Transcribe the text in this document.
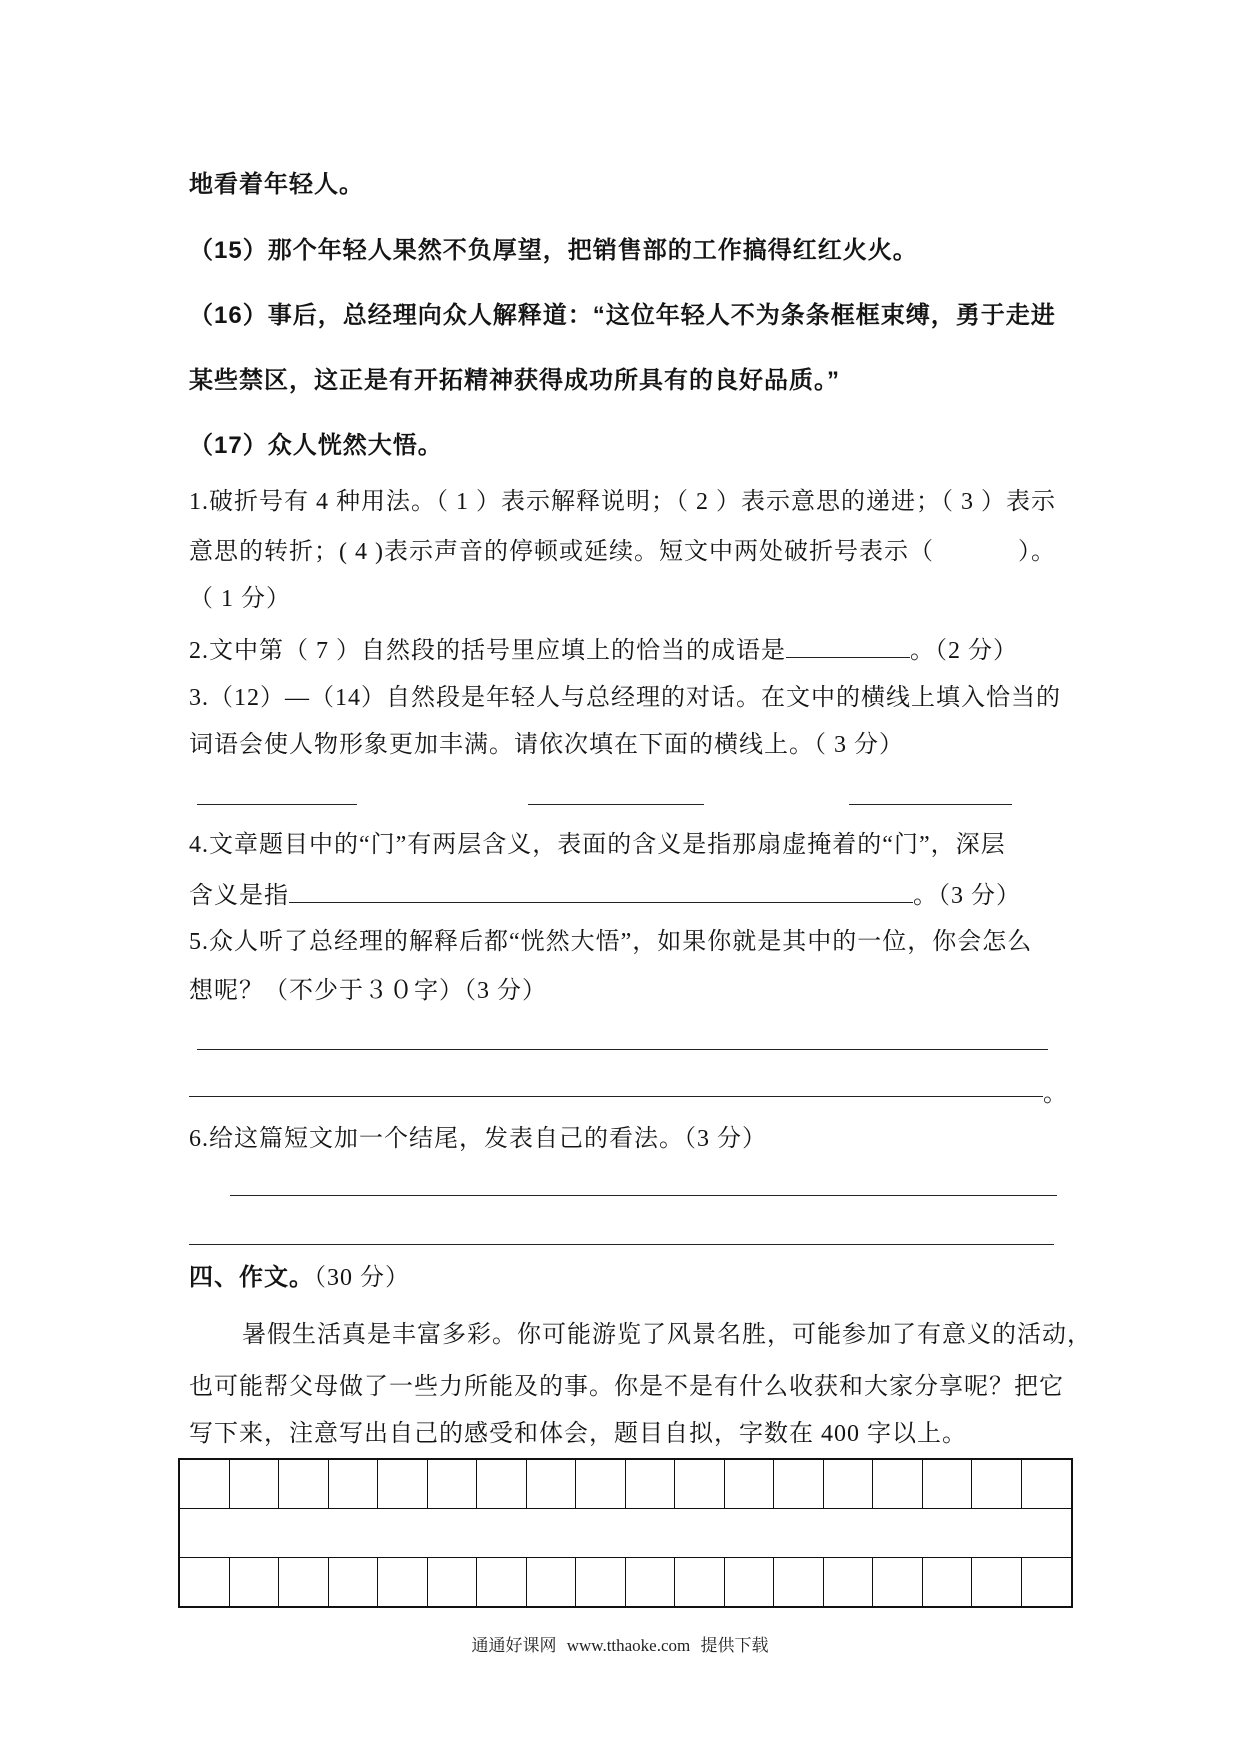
地看着年轻人。
（15）那个年轻人果然不负厚望，把销售部的工作搞得红红火火。
（16）事后，总经理向众人解释道：“这位年轻人不为条条框框束缚，勇于走进
某些禁区，这正是有开拓精神获得成功所具有的良好品质。”
（17）众人恍然大悟。
1.破折号有 4 种用法。（ 1 ）表示解释说明；（ 2 ）表示意思的递进；（ 3 ）表示
意思的转折；( 4 )表示声音的停顿或延续。短文中两处破折号表示（	）。
（ 1 分）
2.文中第（ 7 ）自然段的括号里应填上的恰当的成语是	。（2 分）
3.（12）—（14）自然段是年轻人与总经理的对话。在文中的横线上填入恰当的
词语会使人物形象更加丰满。请依次填在下面的横线上。（ 3 分）
4.文章题目中的“门”有两层含义，表面的含义是指那扇虚掩着的“门”，深层
含义是指	。（3 分）
5.众人听了总经理的解释后都“恍然大悟”，如果你就是其中的一位，你会怎么
想呢？（不少于３０字）（3 分）
。
6.给这篇短文加一个结尾，发表自己的看法。（3 分）
四、作文。（30 分）
暑假生活真是丰富多彩。你可能游览了风景名胜，可能参加了有意义的活动，
也可能帮父母做了一些力所能及的事。你是不是有什么收获和大家分享呢？把它
写下来，注意写出自己的感受和体会，题目自拟，字数在 400 字以上。
通通好课网 www.tthaoke.com 提供下载
